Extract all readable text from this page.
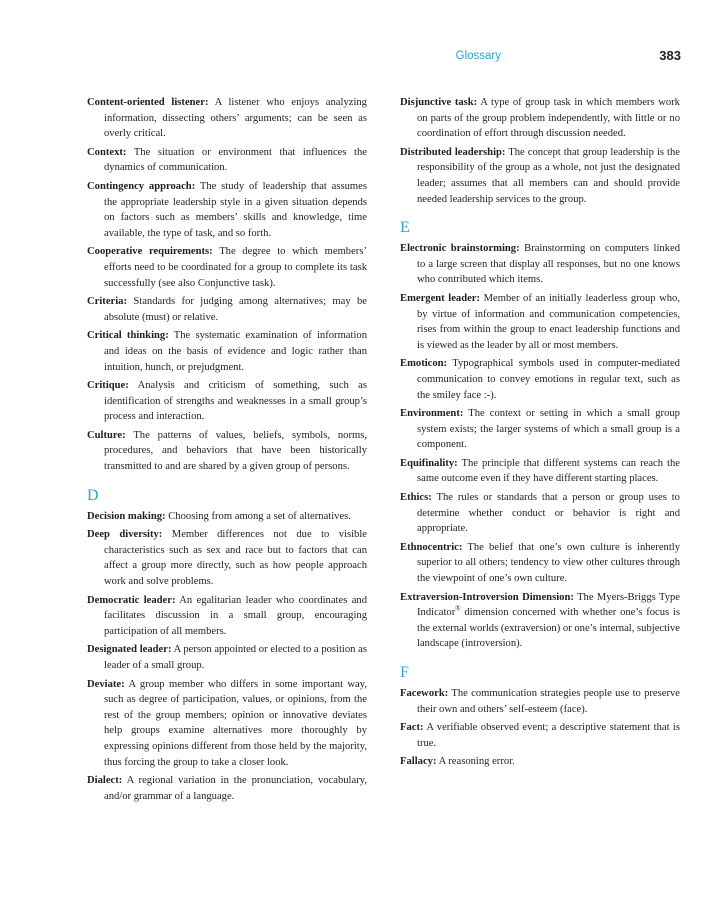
Glossary	383

Content-oriented listener: A listener who enjoys analyzing information, dissecting others’ arguments; can be seen as overly critical.

Context: The situation or environment that influences the dynamics of communication.

Contingency approach: The study of leadership that assumes the appropriate leadership style in a given situation depends on factors such as members’ skills and knowledge, time available, the type of task, and so forth.

Cooperative requirements: The degree to which members’ efforts need to be coordinated for a group to complete its task successfully (see also Conjunctive task).

Criteria: Standards for judging among alternatives; may be absolute (must) or relative.

Critical thinking: The systematic examination of information and ideas on the basis of evidence and logic rather than intuition, hunch, or prejudgment.

Critique: Analysis and criticism of something, such as identification of strengths and weaknesses in a small group’s process and interaction.

Culture: The patterns of values, beliefs, symbols, norms, procedures, and behaviors that have been historically transmitted to and are shared by a given group of persons.

D

Decision making: Choosing from among a set of alternatives.

Deep diversity: Member differences not due to visible characteristics such as sex and race but to factors that can affect a group more directly, such as how people approach work and solve problems.

Democratic leader: An egalitarian leader who coordinates and facilitates discussion in a small group, encouraging participation of all members.

Designated leader: A person appointed or elected to a position as leader of a small group.

Deviate: A group member who differs in some important way, such as degree of participation, values, or opinions, from the rest of the group members; opinion or innovative deviates help groups examine alternatives more thoroughly by expressing opinions different from those held by the majority, thus forcing the group to take a closer look.

Dialect: A regional variation in the pronunciation, vocabulary, and/or grammar of a language.

Disjunctive task: A type of group task in which members work on parts of the group problem independently, with little or no coordination of effort through discussion needed.

Distributed leadership: The concept that group leadership is the responsibility of the group as a whole, not just the designated leader; assumes that all members can and should provide needed leadership services to the group.

E

Electronic brainstorming: Brainstorming on computers linked to a large screen that display all responses, but no one knows who contributed which items.

Emergent leader: Member of an initially leaderless group who, by virtue of information and communication competencies, rises from within the group to enact leadership functions and is viewed as the leader by all or most members.

Emoticon: Typographical symbols used in computer-mediated communication to convey emotions in regular text, such as the smiley face :-).

Environment: The context or setting in which a small group system exists; the larger systems of which a small group is a component.

Equifinality: The principle that different systems can reach the same outcome even if they have different starting places.

Ethics: The rules or standards that a person or group uses to determine whether conduct or behavior is right and appropriate.

Ethnocentric: The belief that one’s own culture is inherently superior to all others; tendency to view other cultures through the viewpoint of one’s own culture.

Extraversion-Introversion Dimension: The Myers-Briggs Type Indicator® dimension concerned with whether one’s focus is the external worlds (extraversion) or one’s internal, subjective landscape (introversion).

F

Facework: The communication strategies people use to preserve their own and others’ self-esteem (face).

Fact: A verifiable observed event; a descriptive statement that is true.

Fallacy: A reasoning error.
